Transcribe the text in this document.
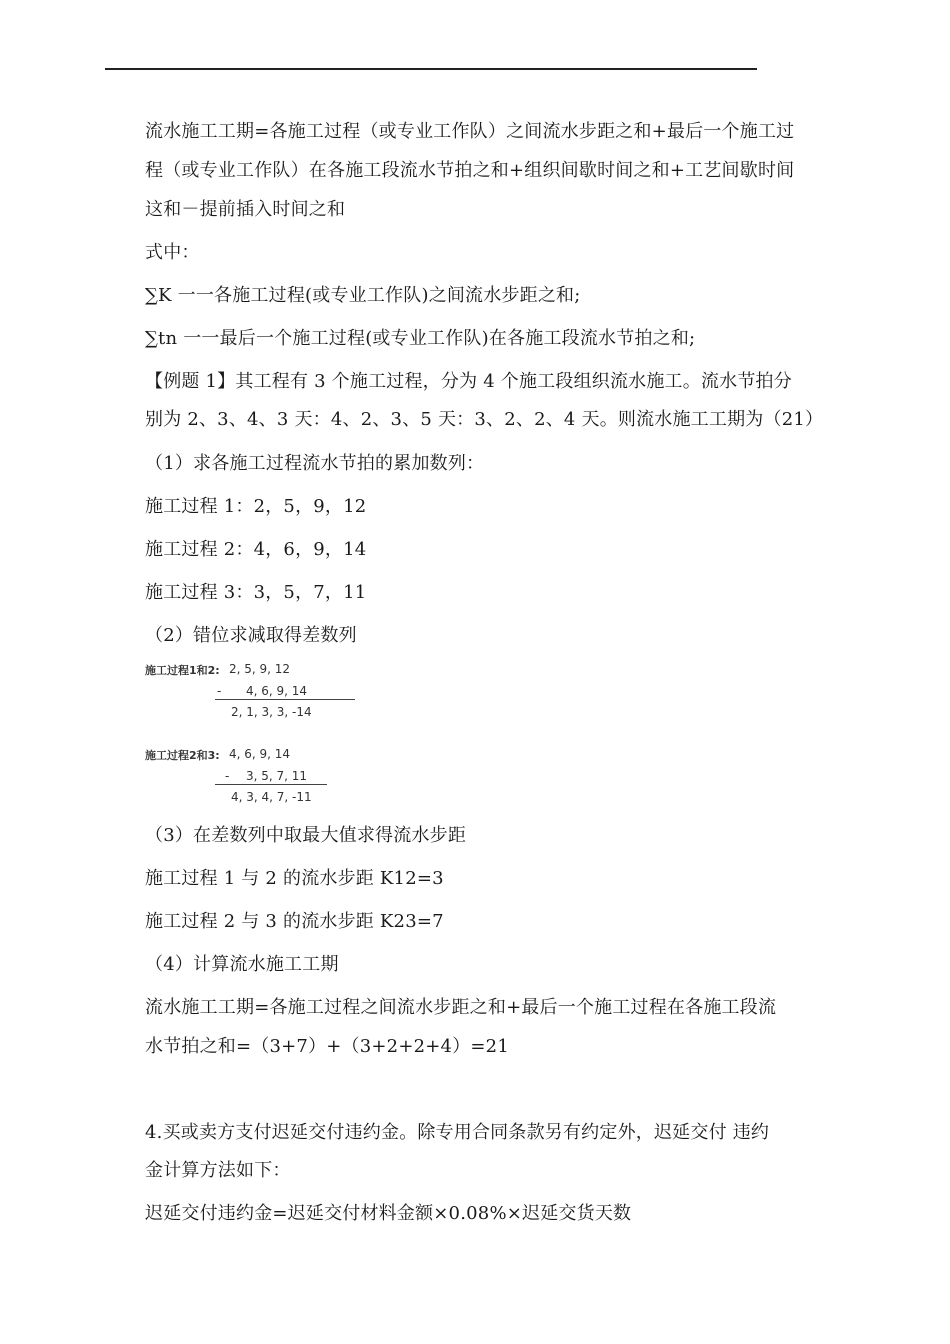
流水施工工期=各施工过程（或专业工作队）之间流水步距之和+最后一个施工过
程（或专业工作队）在各施工段流水节拍之和+组织间歇时间之和+工艺间歇时间
这和－提前插入时间之和
式中：
∑K 一一各施工过程(或专业工作队)之间流水步距之和;
∑tn 一一最后一个施工过程(或专业工作队)在各施工段流水节拍之和;
【例题 1】其工程有 3 个施工过程，分为 4 个施工段组织流水施工。流水节拍分
别为 2、3、4、3 天：4、2、3、5 天：3、2、2、4 天。则流水施工工期为（21）
（1）求各施工过程流水节拍的累加数列：
施工过程 1：2，5，9，12
施工过程 2：4，6，9，14
施工过程 3：3，5，7，11
（2）错位求减取得差数列
施工过程1和2: 2, 5, 9, 12
- 4, 6, 9, 14
2, 1, 3, 3, -14
施工过程2和3: 4, 6, 9, 14
- 3, 5, 7, 11
4, 3, 4, 7, -11
（3）在差数列中取最大值求得流水步距
施工过程 1 与 2 的流水步距 K12=3
施工过程 2 与 3 的流水步距 K23=7
（4）计算流水施工工期
流水施工工期=各施工过程之间流水步距之和+最后一个施工过程在各施工段流
水节拍之和=（3+7）+（3+2+2+4）=21
4.买或卖方支付迟延交付违约金。除专用合同条款另有约定外，迟延交付 违约
金计算方法如下：
迟延交付违约金=迟延交付材料金额×0.08%×迟延交货天数
